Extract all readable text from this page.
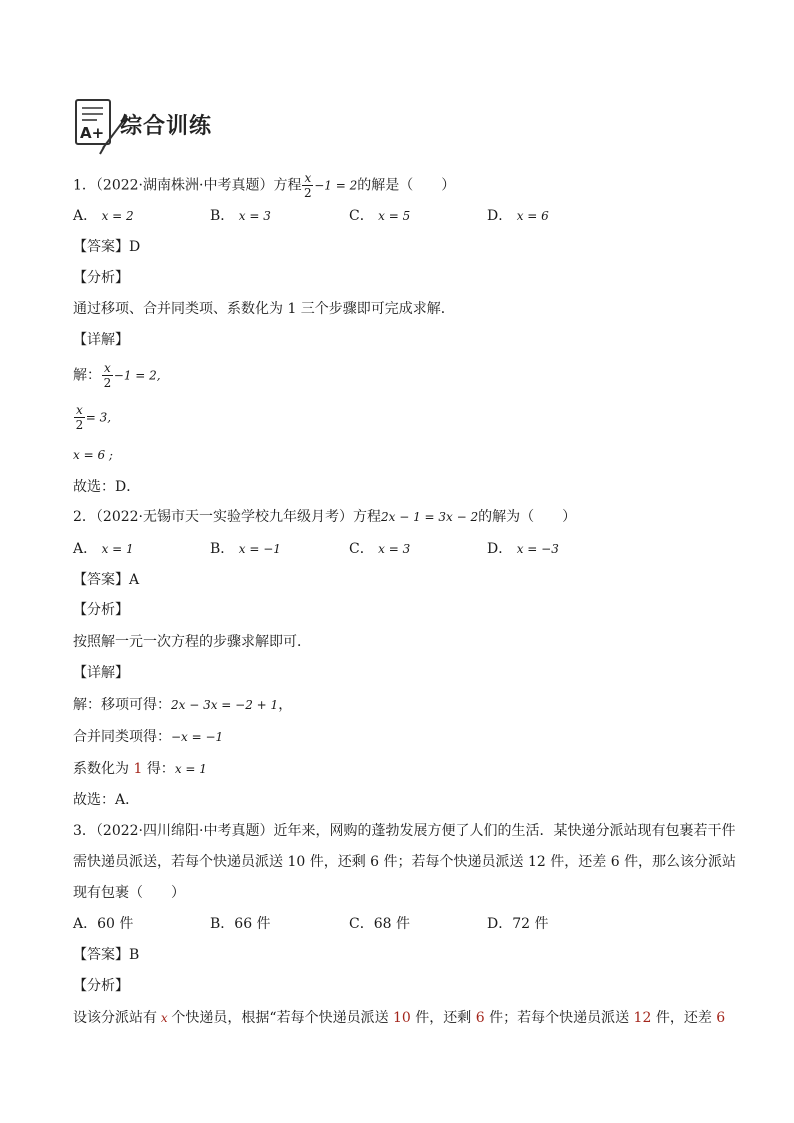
A+ 综合训练
1．（2022·湖南株洲·中考真题）方程 $\frac{x}{2} -1 = 2$的解是（　　）
A． x = 2	B． x = 3	C． x = 5	D． x = 6
【答案】D
【分析】
通过移项、合并同类项、系数化为 1 三个步骤即可完成求解．
【详解】
解： $\frac{x}{2} -1 = 2$,
$\frac{x}{2} = 3$,
x = 6 ;
故选：D．
2．（2022·无锡市天一实验学校九年级月考）方程2x − 1 = 3x − 2的解为（　　）
A． x = 1	B． x = −1	C． x = 3	D． x = −3
【答案】A
【分析】
按照解一元一次方程的步骤求解即可．
【详解】
解：移项可得：2x − 3x = −2 + 1，
合并同类项得：−x = −1
系数化为 1 得：x = 1
故选：A．
3．（2022·四川绵阳·中考真题）近年来，网购的蓬勃发展方便了人们的生活．某快递分派站现有包裹若干件
需快递员派送，若每个快递员派送 10 件，还剩 6 件；若每个快递员派送 12 件，还差 6 件，那么该分派站
现有包裹（　　）
A．60 件	B．66 件	C．68 件	D．72 件
【答案】B
【分析】
设该分派站有 x 个快递员，根据“若每个快递员派送 10 件，还剩 6 件；若每个快递员派送 12 件，还差 6
